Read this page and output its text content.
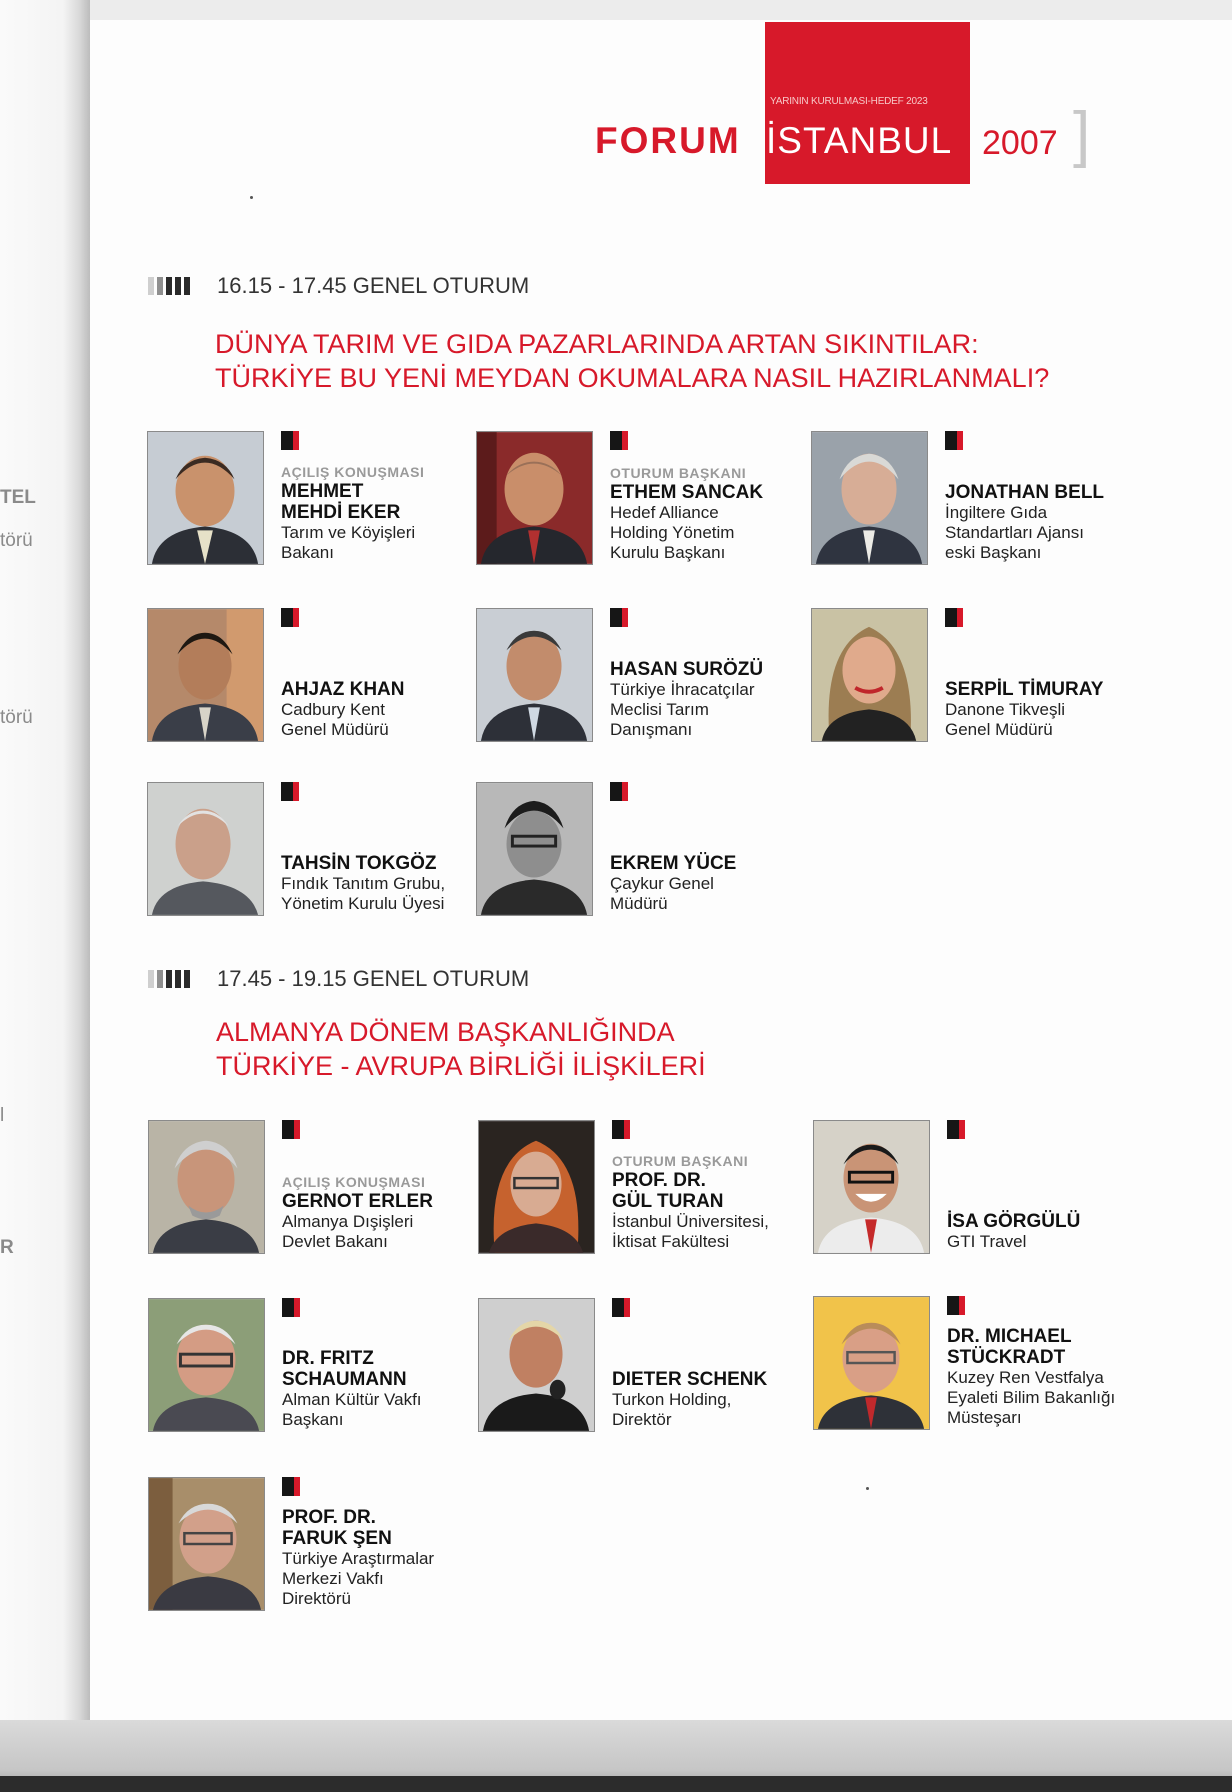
TEL
törü
törü
l
R
YARININ KURULMASI-HEDEF 2023
FORUM İSTANBUL 2007 ]
16.15 - 17.45 GENEL OTURUM
DÜNYA TARIM VE GIDA PAZARLARINDA ARTAN SIKINTILAR:
TÜRKİYE BU YENİ MEYDAN OKUMALARA NASIL HAZIRLANMALI?
17.45 - 19.15 GENEL OTURUM
ALMANYA DÖNEM BAŞKANLIĞINDA
TÜRKİYE - AVRUPA BİRLİĞİ İLİŞKİLERİ
AÇILIŞ KONUŞMASI
MEHMET
MEHDİ EKER
Tarım ve Köyişleri
Bakanı
OTURUM BAŞKANI
ETHEM SANCAK
Hedef Alliance
Holding Yönetim
Kurulu Başkanı
JONATHAN BELL
İngiltere Gıda
Standartları Ajansı
eski Başkanı
AHJAZ KHAN
Cadbury Kent
Genel Müdürü
HASAN SURÖZÜ
Türkiye İhracatçılar
Meclisi Tarım
Danışmanı
SERPİL TİMURAY
Danone Tikveşli
Genel Müdürü
TAHSİN TOKGÖZ
Fındık Tanıtım Grubu,
Yönetim Kurulu Üyesi
EKREM YÜCE
Çaykur Genel
Müdürü
AÇILIŞ KONUŞMASI
GERNOT ERLER
Almanya Dışişleri
Devlet Bakanı
OTURUM BAŞKANI
PROF. DR.
GÜL TURAN
İstanbul Üniversitesi,
İktisat Fakültesi
İSA GÖRGÜLÜ
GTI Travel
DR. FRITZ
SCHAUMANN
Alman Kültür Vakfı
Başkanı
DIETER SCHENK
Turkon Holding,
Direktör
DR. MICHAEL
STÜCKRADT
Kuzey Ren Vestfalya
Eyaleti Bilim Bakanlığı
Müsteşarı
PROF. DR.
FARUK ŞEN
Türkiye Araştırmalar
Merkezi Vakfı
Direktörü
